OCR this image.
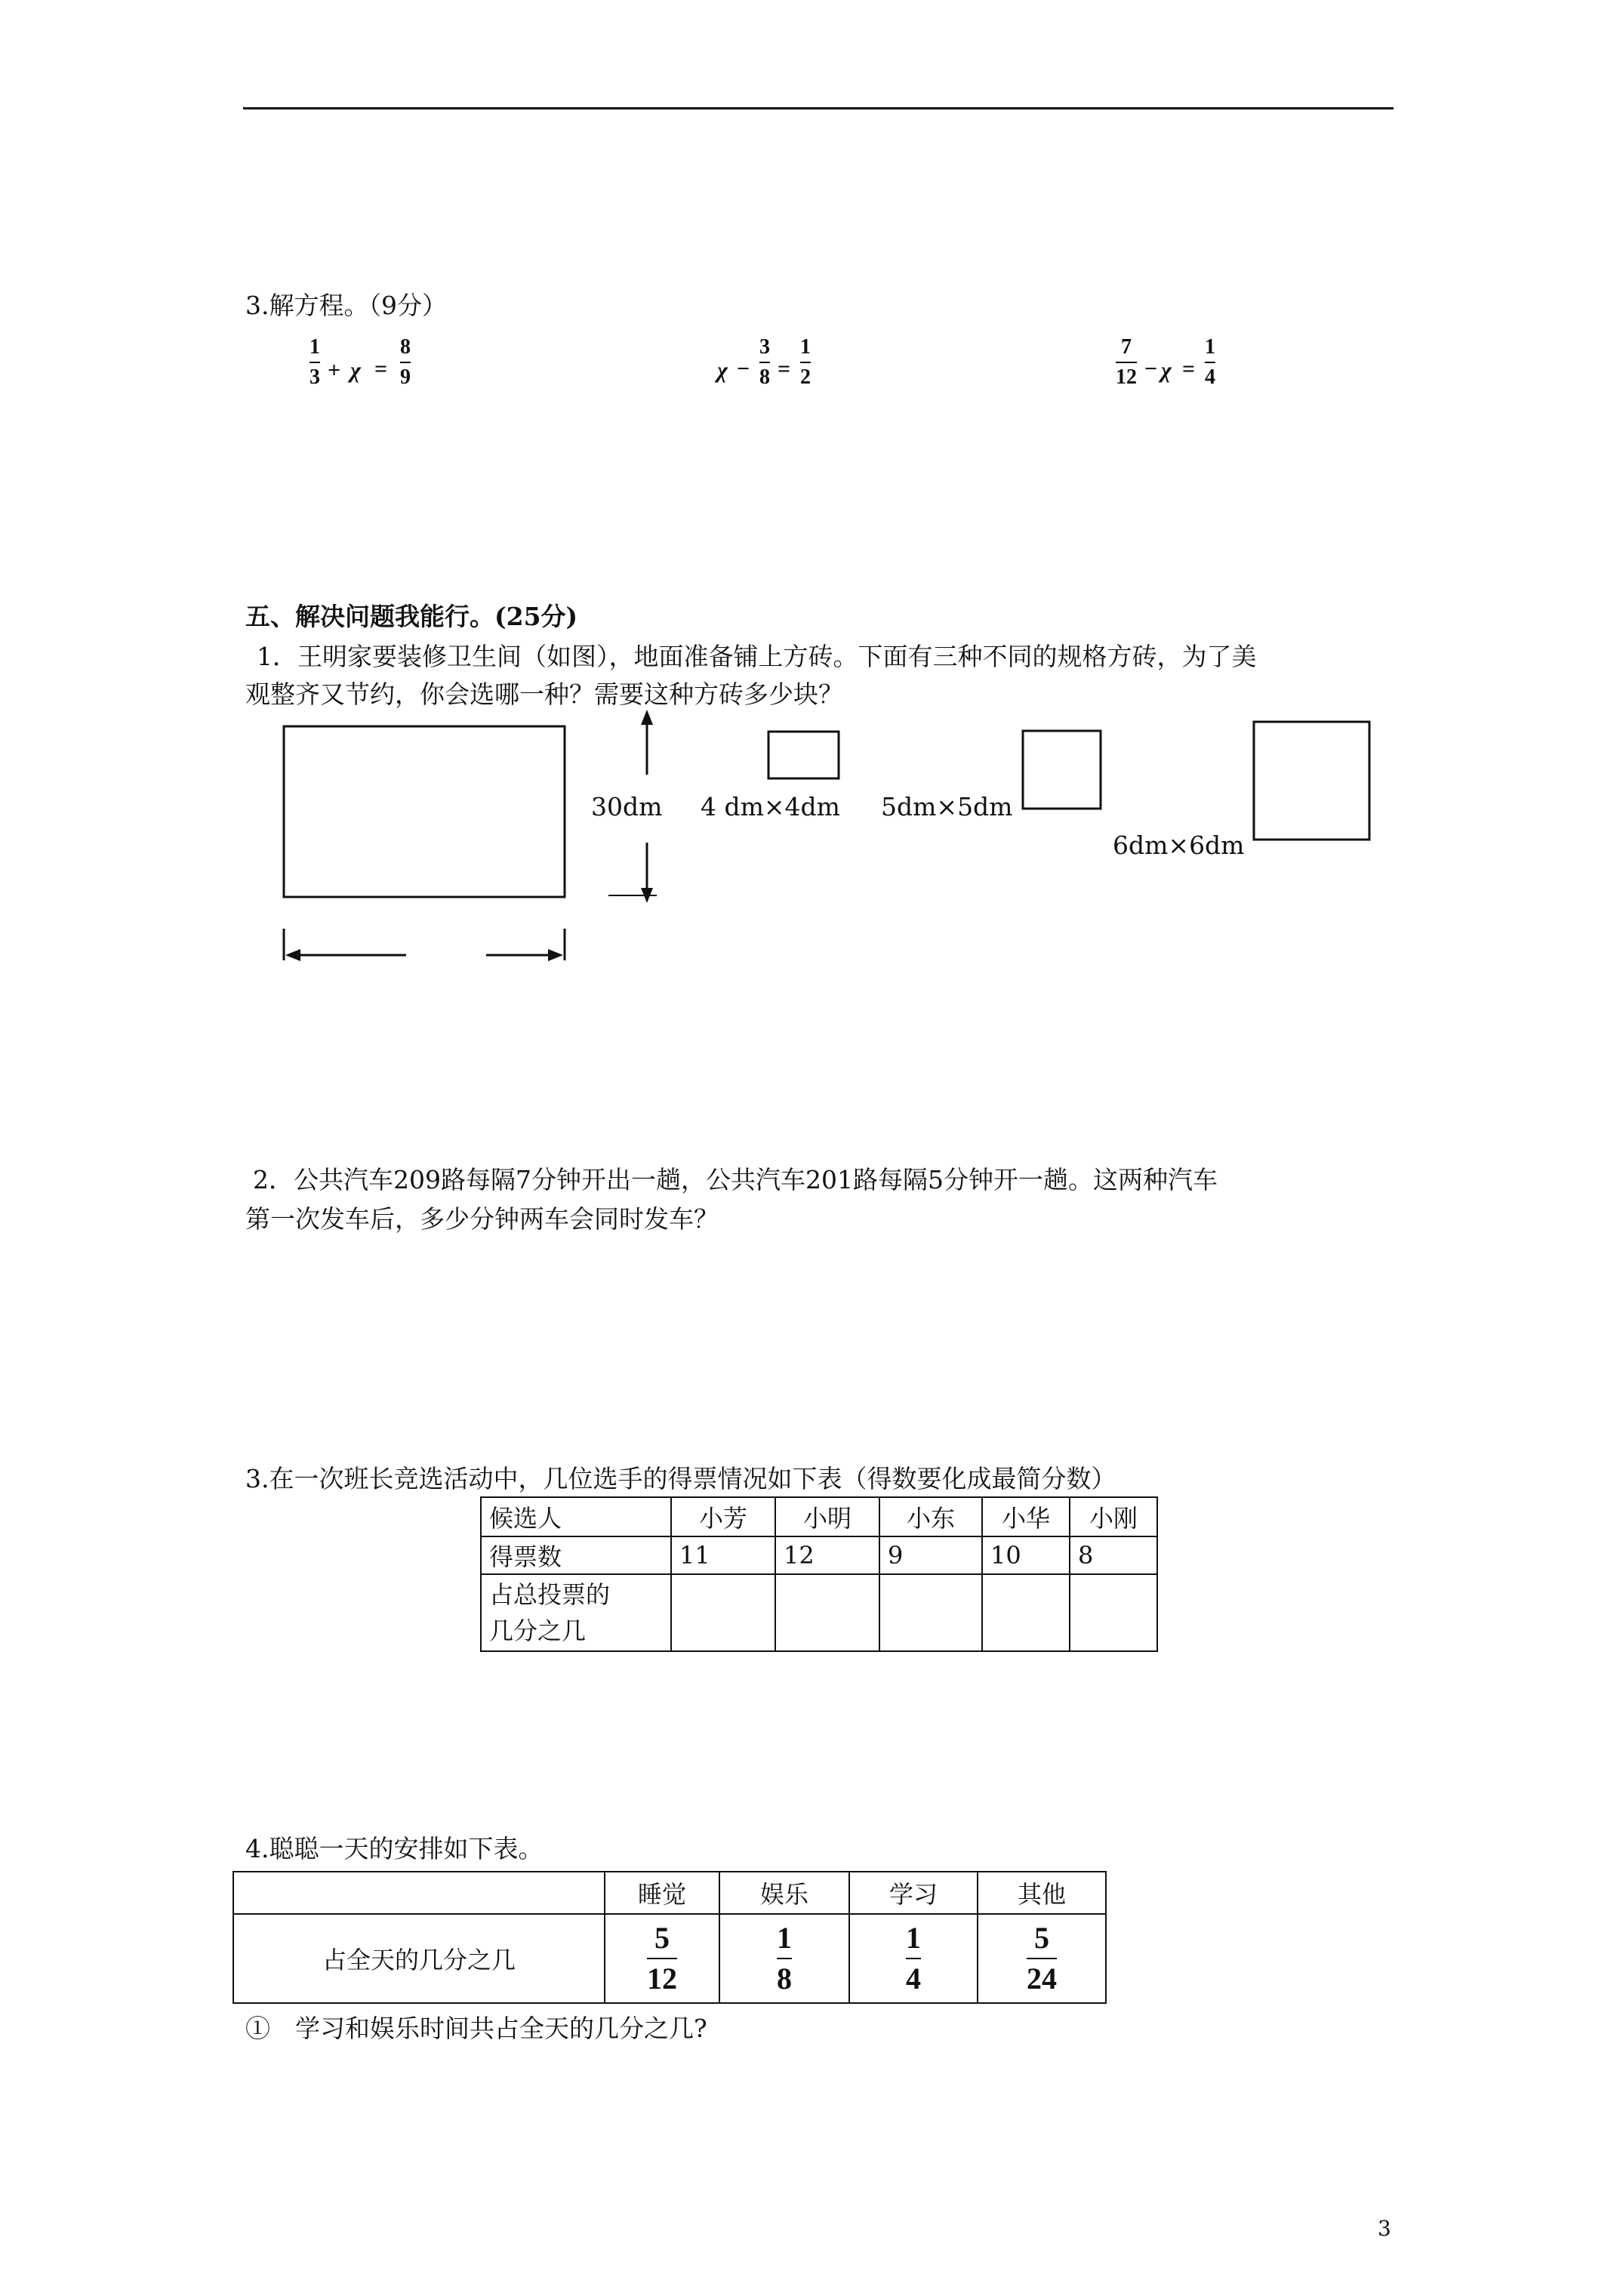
3.解方程。（9分）
1
3 + χ =
8
9	χ −
3
8 =
1
2
7
12 − χ =
1
4
五、解决问题我能行。(25分)
1．王明家要装修卫生间（如图），地面准备铺上方砖。下面有三种不同的规格方砖，为了美
观整齐又节约，你会选哪一种？需要这种方砖多少块？
30dm 4 dm×4dm 5dm×5dm
6dm×6dm
2．公共汽车209路每隔7分钟开出一趟，公共汽车201路每隔5分钟开一趟。这两种汽车
第一次发车后，多少分钟两车会同时发车？
3.在一次班长竞选活动中，几位选手的得票情况如下表（得数要化成最简分数）
候选人	小芳	小明	小东	小华	小刚
得票数	11	12	9	10	8

占总投票的
几分之几					

4.聪聪一天的安排如下表。
	睡觉	娱乐	学习	其他
占全天的几分之几	$\frac{5}{12}$	$\frac{1}{8}$	$\frac{1}{4}$	$\frac{5}{24}$
①　学习和娱乐时间共占全天的几分之几?
3
